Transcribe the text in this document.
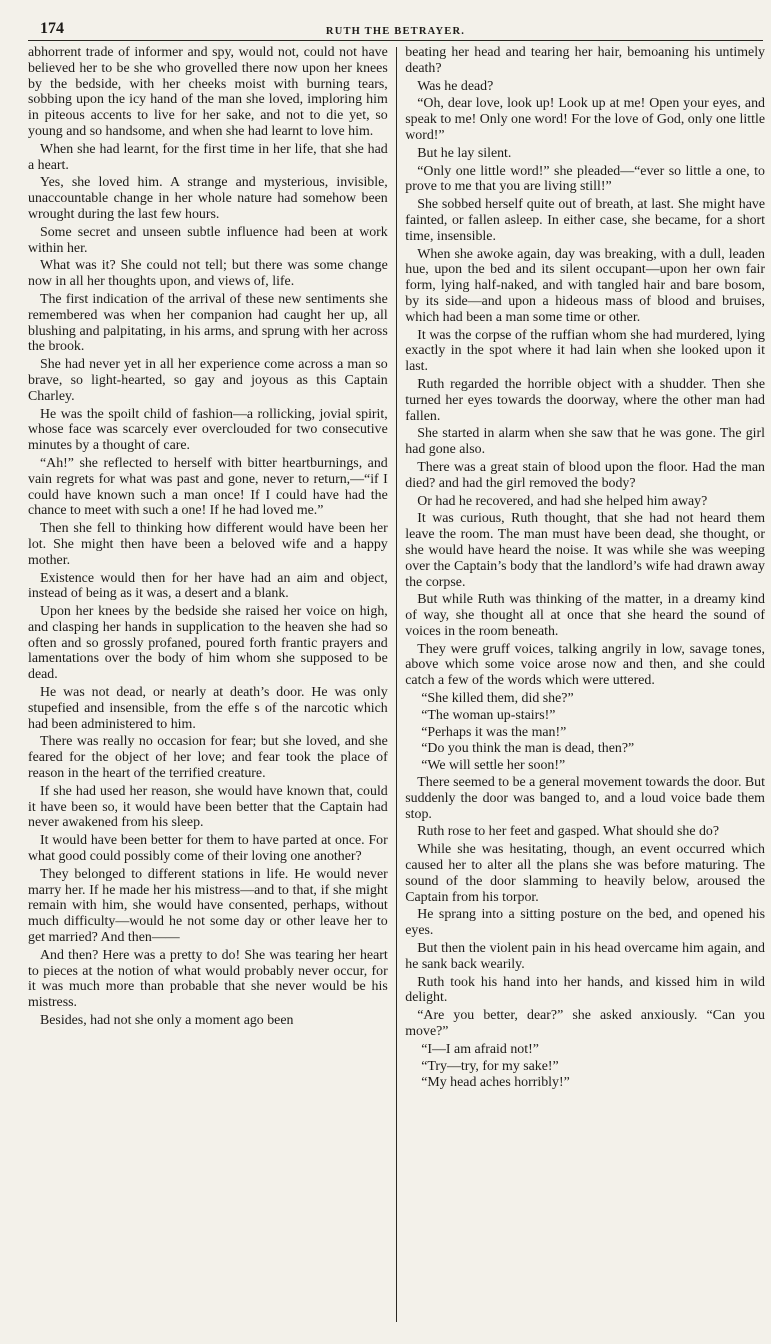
174	RUTH THE BETRAYER.

abhorrent trade of informer and spy, would not, could not have believed her to be she who grovelled there now upon her knees by the bedside, with her cheeks moist with burning tears, sobbing upon the icy hand of the man she loved, imploring him in piteous accents to live for her sake, and not to die yet, so young and so handsome, and when she had learnt to love him.

When she had learnt, for the first time in her life, that she had a heart.

Yes, she loved him. A strange and mysterious, invisible, unaccountable change in her whole nature had somehow been wrought during the last few hours.

Some secret and unseen subtle influence had been at work within her.

What was it? She could not tell; but there was some change now in all her thoughts upon, and views of, life.

The first indication of the arrival of these new sentiments she remembered was when her companion had caught her up, all blushing and palpitating, in his arms, and sprung with her across the brook.

She had never yet in all her experience come across a man so brave, so light-hearted, so gay and joyous as this Captain Charley.

He was the spoilt child of fashion—a rollicking, jovial spirit, whose face was scarcely ever overclouded for two consecutive minutes by a thought of care.

“Ah!” she reflected to herself with bitter heartburnings, and vain regrets for what was past and gone, never to return,—“if I could have known such a man once! If I could have had the chance to meet with such a one! If he had loved me.”

Then she fell to thinking how different would have been her lot. She might then have been a beloved wife and a happy mother.

Existence would then for her have had an aim and object, instead of being as it was, a desert and a blank.

Upon her knees by the bedside she raised her voice on high, and clasping her hands in supplication to the heaven she had so often and so grossly profaned, poured forth frantic prayers and lamentations over the body of him whom she supposed to be dead.

He was not dead, or nearly at death’s door. He was only stupefied and insensible, from the effe s of the narcotic which had been administered to him.

There was really no occasion for fear; but she loved, and she feared for the object of her love; and fear took the place of reason in the heart of the terrified creature.

If she had used her reason, she would have known that, could it have been so, it would have been better that the Captain had never awakened from his sleep.

It would have been better for them to have parted at once. For what good could possibly come of their loving one another?

They belonged to different stations in life. He would never marry her. If he made her his mistress—and to that, if she might remain with him, she would have consented, perhaps, without much difficulty—would he not some day or other leave her to get married? And then——

And then? Here was a pretty to do! She was tearing her heart to pieces at the notion of what would probably never occur, for it was much more than probable that she never would be his mistress.

Besides, had not she only a moment ago been

beating her head and tearing her hair, bemoaning his untimely death?

Was he dead?

“Oh, dear love, look up! Look up at me! Open your eyes, and speak to me! Only one word! For the love of God, only one little word!”

But he lay silent.

“Only one little word!” she pleaded—“ever so little a one, to prove to me that you are living still!”

She sobbed herself quite out of breath, at last. She might have fainted, or fallen asleep. In either case, she became, for a short time, insensible.

When she awoke again, day was breaking, with a dull, leaden hue, upon the bed and its silent occupant—upon her own fair form, lying half-naked, and with tangled hair and bare bosom, by its side—and upon a hideous mass of blood and bruises, which had been a man some time or other.

It was the corpse of the ruffian whom she had murdered, lying exactly in the spot where it had lain when she looked upon it last.

Ruth regarded the horrible object with a shudder. Then she turned her eyes towards the doorway, where the other man had fallen.

She started in alarm when she saw that he was gone. The girl had gone also.

There was a great stain of blood upon the floor. Had the man died? and had the girl removed the body?

Or had he recovered, and had she helped him away?

It was curious, Ruth thought, that she had not heard them leave the room. The man must have been dead, she thought, or she would have heard the noise. It was while she was weeping over the Captain’s body that the landlord’s wife had drawn away the corpse.

But while Ruth was thinking of the matter, in a dreamy kind of way, she thought all at once that she heard the sound of voices in the room beneath.

They were gruff voices, talking angrily in low, savage tones, above which some voice arose now and then, and she could catch a few of the words which were uttered.

“She killed them, did she?”

“The woman up-stairs!”

“Perhaps it was the man!”

“Do you think the man is dead, then?”

“We will settle her soon!”

There seemed to be a general movement towards the door. But suddenly the door was banged to, and a loud voice bade them stop.

Ruth rose to her feet and gasped. What should she do?

While she was hesitating, though, an event occurred which caused her to alter all the plans she was before maturing. The sound of the door slamming to heavily below, aroused the Captain from his torpor.

He sprang into a sitting posture on the bed, and opened his eyes.

But then the violent pain in his head overcame him again, and he sank back wearily.

Ruth took his hand into her hands, and kissed him in wild delight.

“Are you better, dear?” she asked anxiously. “Can you move?”

“I—I am afraid not!”

“Try—try, for my sake!”

“My head aches horribly!”
